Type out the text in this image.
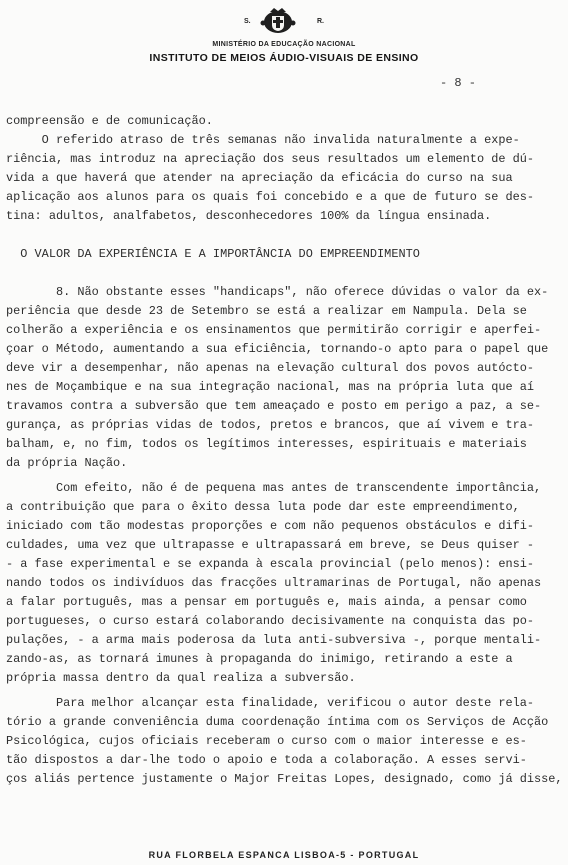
S.	R.
MINISTÉRIO DA EDUCAÇÃO NACIONAL
INSTITUTO DE MEIOS ÁUDIO-VISUAIS DE ENSINO
- 8 -

compreensão e de comunicação.

O referido atraso de três semanas não invalida naturalmente a expe-

riência, mas introduz na apreciação dos seus resultados um elemento de dú-

vida a que haverá que atender na apreciação da eficácia do curso na sua

aplicação aos alunos para os quais foi concebido e a que de futuro se des-

tina: adultos, analfabetos, desconhecedores 100% da língua ensinada.

O VALOR DA EXPERIÊNCIA E A IMPORTÂNCIA DO EMPREENDIMENTO

8. Não obstante esses "handicaps", não oferece dúvidas o valor da ex-

periência que desde 23 de Setembro se está a realizar em Nampula. Dela se

colherão a experiência e os ensinamentos que permitirão corrigir e aperfei-

çoar o Método, aumentando a sua eficiência, tornando-o apto para o papel que

deve vir a desempenhar, não apenas na elevação cultural dos povos autócto-

nes de Moçambique e na sua integração nacional, mas na própria luta que aí

travamos contra a subversão que tem ameaçado e posto em perigo a paz, a se-

gurança, as próprias vidas de todos, pretos e brancos, que aí vivem e tra-

balham, e, no fim, todos os legítimos interesses, espirituais e materiais

da própria Nação.

Com efeito, não é de pequena mas antes de transcendente importância,

a contribuição que para o êxito dessa luta pode dar este empreendimento,

iniciado com tão modestas proporções e com não pequenos obstáculos e difi-

culdades, uma vez que ultrapasse e ultrapassará em breve, se Deus quiser -

- a fase experimental e se expanda à escala provincial (pelo menos): ensi-

nando todos os indivíduos das fracções ultramarinas de Portugal, não apenas

a falar português, mas a pensar em português e, mais ainda, a pensar como

portugueses, o curso estará colaborando decisivamente na conquista das po-

pulações, - a arma mais poderosa da luta anti-subversiva -, porque mentali-

zando-as, as tornará imunes à propaganda do inimigo, retirando a este a

própria massa dentro da qual realiza a subversão.

Para melhor alcançar esta finalidade, verificou o autor deste rela-

tório a grande conveniência duma coordenação íntima com os Serviços de Acção

Psicológica, cujos oficiais receberam o curso com o maior interesse e es-

tão dispostos a dar-lhe todo o apoio e toda a colaboração. A esses servi-

ços aliás pertence justamente o Major Freitas Lopes, designado, como já disse,

RUA FLORBELA ESPANCA LISBOA-5 - PORTUGAL
